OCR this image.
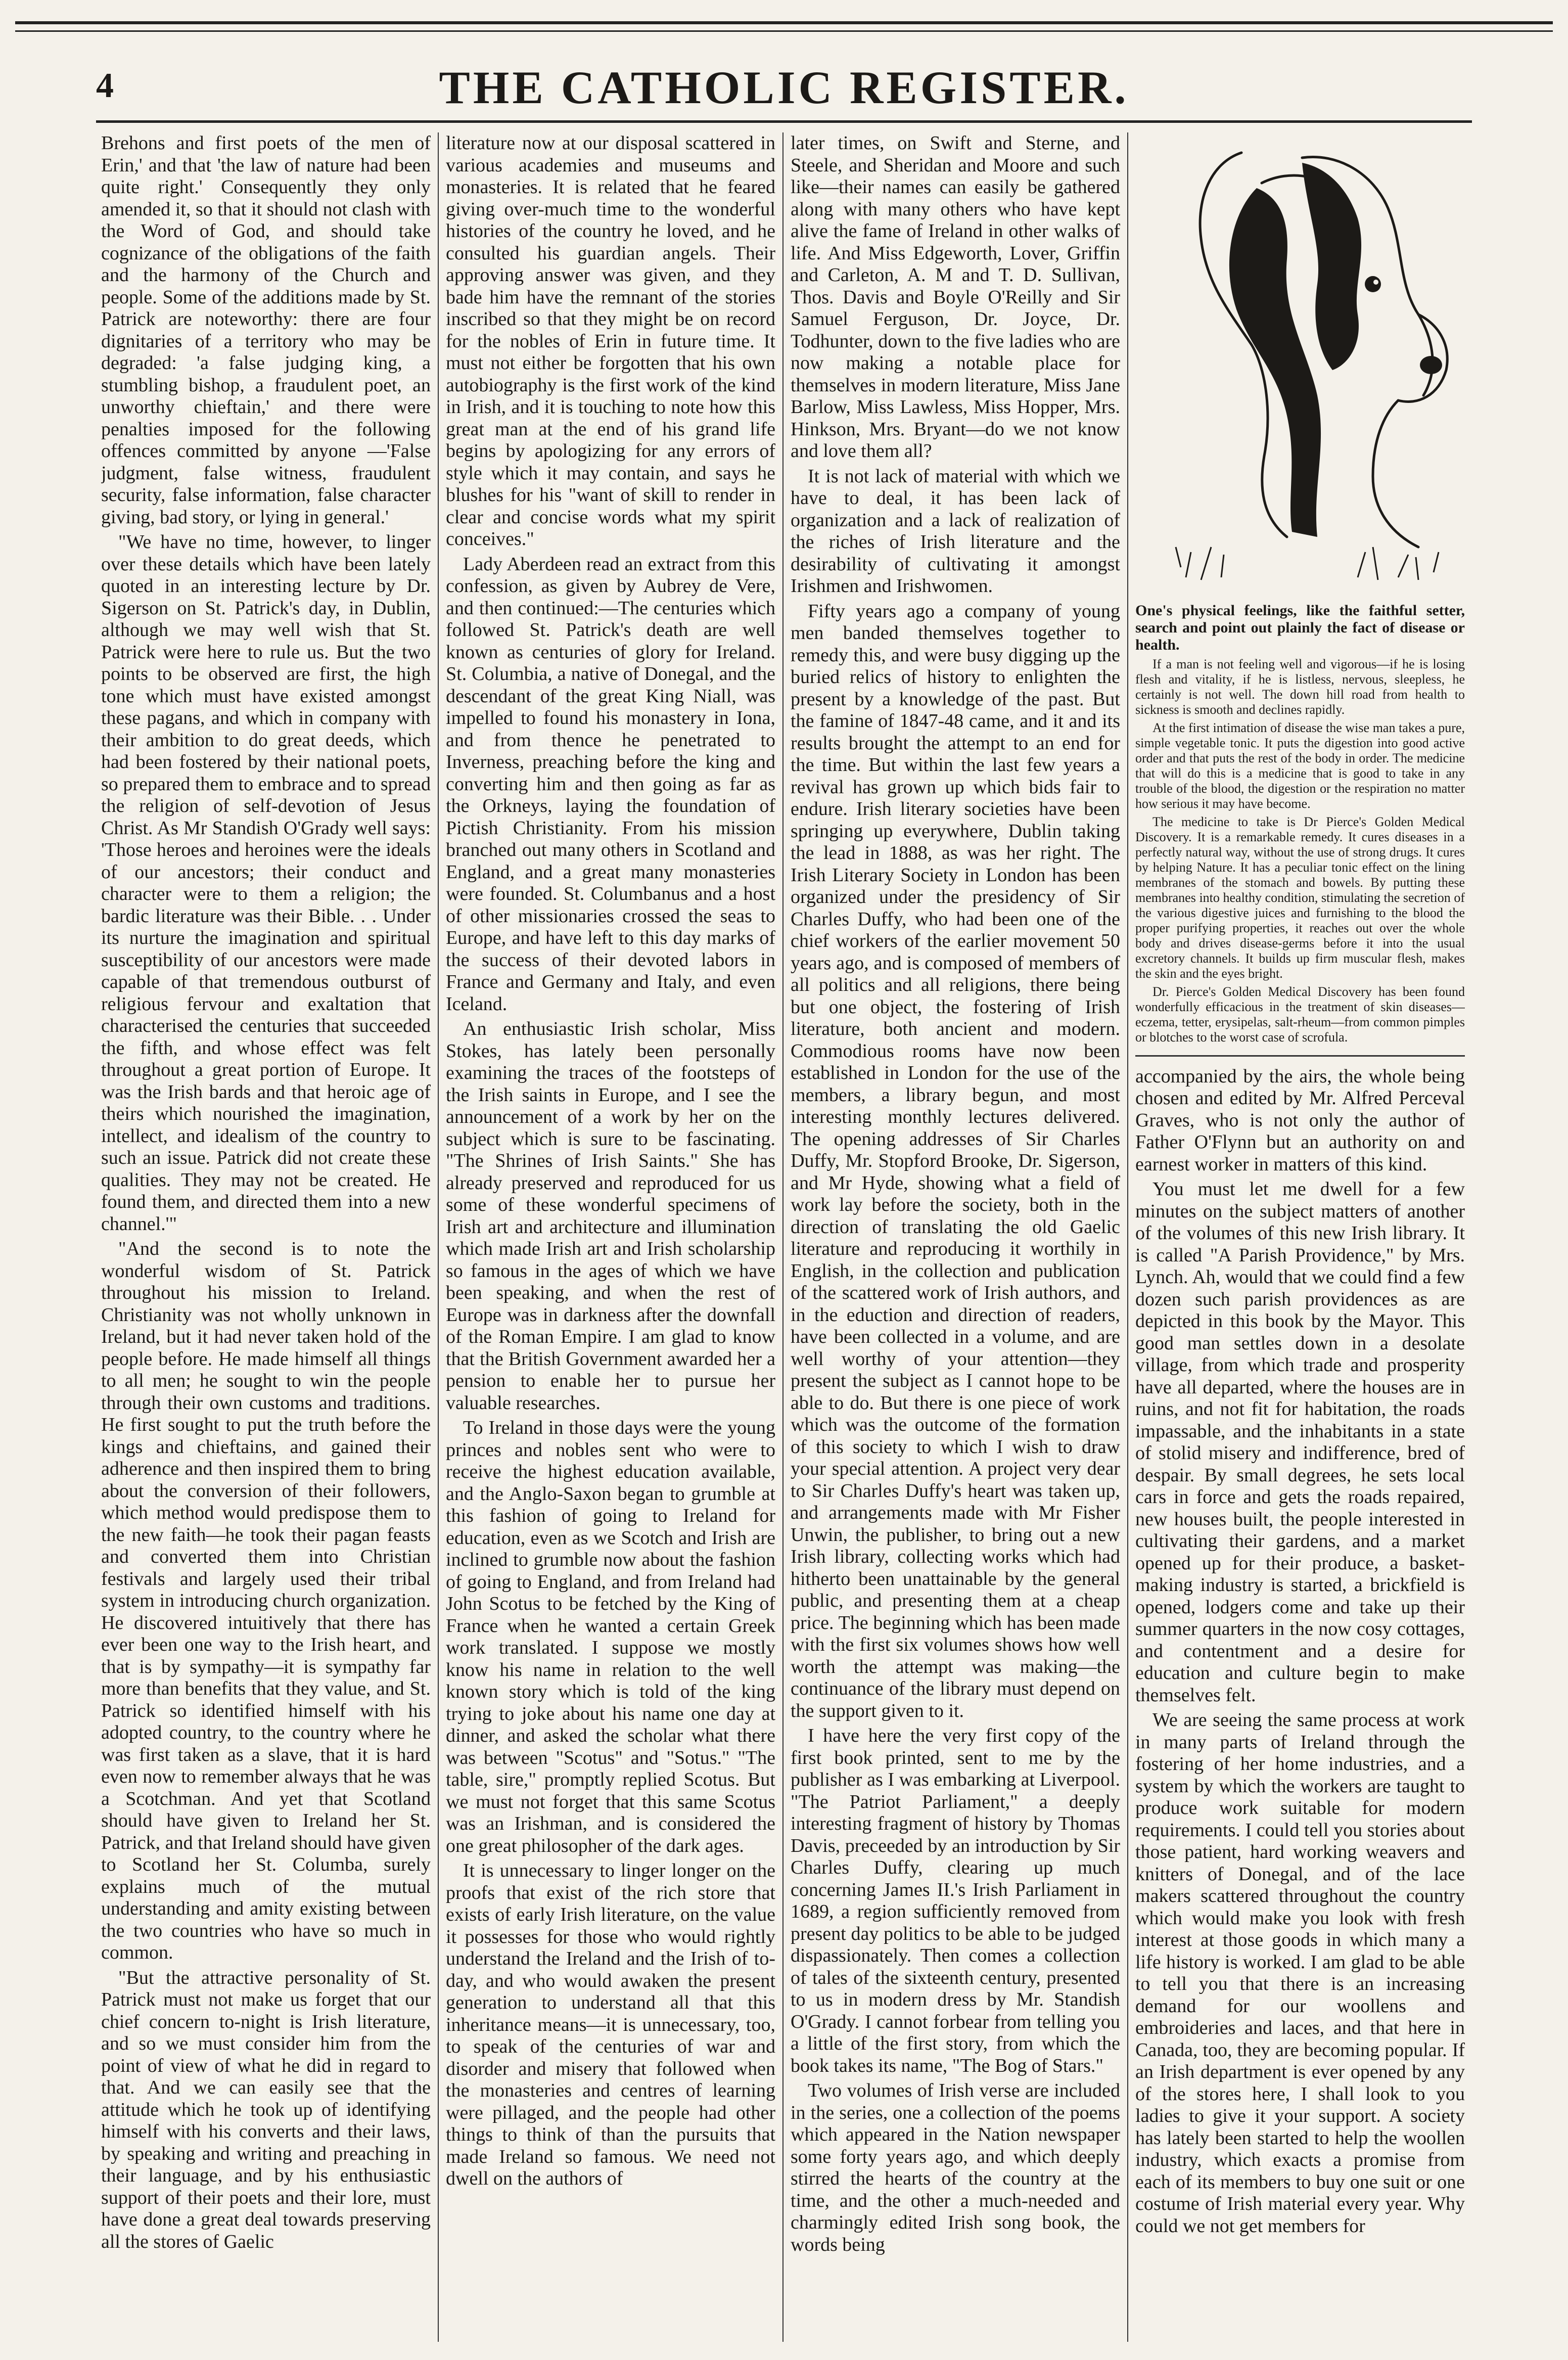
4	THE CATHOLIC REGISTER.

Brehons and first poets of the men of Erin,' and that 'the law of nature had been quite right.' Consequently they only amended it, so that it should not clash with the Word of God, and should take cognizance of the obligations of the faith and the harmony of the Church and people. Some of the additions made by St. Patrick are noteworthy: there are four dignitaries of a territory who may be degraded: 'a false judging king, a stumbling bishop, a fraudulent poet, an unworthy chieftain,' and there were penalties imposed for the following offences committed by anyone —'False judgment, false witness, fraudulent security, false information, false character giving, bad story, or lying in general.'

"We have no time, however, to linger over these details which have been lately quoted in an interesting lecture by Dr. Sigerson on St. Patrick's day, in Dublin, although we may well wish that St. Patrick were here to rule us. But the two points to be observed are first, the high tone which must have existed amongst these pagans, and which in company with their ambition to do great deeds, which had been fostered by their national poets, so prepared them to embrace and to spread the religion of self-devotion of Jesus Christ. As Mr Standish O'Grady well says: 'Those heroes and heroines were the ideals of our ancestors; their conduct and character were to them a religion; the bardic literature was their Bible. . . Under its nurture the imagination and spiritual susceptibility of our ancestors were made capable of that tremendous outburst of religious fervour and exaltation that characterised the centuries that succeeded the fifth, and whose effect was felt throughout a great portion of Europe. It was the Irish bards and that heroic age of theirs which nourished the imagination, intellect, and idealism of the country to such an issue. Patrick did not create these qualities. They may not be created. He found them, and directed them into a new channel.'"

"And the second is to note the wonderful wisdom of St. Patrick throughout his mission to Ireland. Christianity was not wholly unknown in Ireland, but it had never taken hold of the people before. He made himself all things to all men; he sought to win the people through their own customs and traditions. He first sought to put the truth before the kings and chieftains, and gained their adherence and then inspired them to bring about the conversion of their followers, which method would predispose them to the new faith—he took their pagan feasts and converted them into Christian festivals and largely used their tribal system in introducing church organization. He discovered intuitively that there has ever been one way to the Irish heart, and that is by sympathy—it is sympathy far more than benefits that they value, and St. Patrick so identified himself with his adopted country, to the country where he was first taken as a slave, that it is hard even now to remember always that he was a Scotchman. And yet that Scotland should have given to Ireland her St. Patrick, and that Ireland should have given to Scotland her St. Columba, surely explains much of the mutual understanding and amity existing between the two countries who have so much in common.

"But the attractive personality of St. Patrick must not make us forget that our chief concern to-night is Irish literature, and so we must consider him from the point of view of what he did in regard to that. And we can easily see that the attitude which he took up of identifying himself with his converts and their laws, by speaking and writing and preaching in their language, and by his enthusiastic support of their poets and their lore, must have done a great deal towards preserving all the stores of Gaelic

literature now at our disposal scattered in various academies and museums and monasteries. It is related that he feared giving over-much time to the wonderful histories of the country he loved, and he consulted his guardian angels. Their approving answer was given, and they bade him have the remnant of the stories inscribed so that they might be on record for the nobles of Erin in future time. It must not either be forgotten that his own autobiography is the first work of the kind in Irish, and it is touching to note how this great man at the end of his grand life begins by apologizing for any errors of style which it may contain, and says he blushes for his "want of skill to render in clear and concise words what my spirit conceives."

Lady Aberdeen read an extract from this confession, as given by Aubrey de Vere, and then continued:—The centuries which followed St. Patrick's death are well known as centuries of glory for Ireland. St. Columbia, a native of Donegal, and the descendant of the great King Niall, was impelled to found his monastery in Iona, and from thence he penetrated to Inverness, preaching before the king and converting him and then going as far as the Orkneys, laying the foundation of Pictish Christianity. From his mission branched out many others in Scotland and England, and a great many monasteries were founded. St. Columbanus and a host of other missionaries crossed the seas to Europe, and have left to this day marks of the success of their devoted labors in France and Germany and Italy, and even Iceland.

An enthusiastic Irish scholar, Miss Stokes, has lately been personally examining the traces of the footsteps of the Irish saints in Europe, and I see the announcement of a work by her on the subject which is sure to be fascinating. "The Shrines of Irish Saints." She has already preserved and reproduced for us some of these wonderful specimens of Irish art and architecture and illumination which made Irish art and Irish scholarship so famous in the ages of which we have been speaking, and when the rest of Europe was in darkness after the downfall of the Roman Empire. I am glad to know that the British Government awarded her a pension to enable her to pursue her valuable researches.

To Ireland in those days were the young princes and nobles sent who were to receive the highest education available, and the Anglo-Saxon began to grumble at this fashion of going to Ireland for education, even as we Scotch and Irish are inclined to grumble now about the fashion of going to England, and from Ireland had John Scotus to be fetched by the King of France when he wanted a certain Greek work translated. I suppose we mostly know his name in relation to the well known story which is told of the king trying to joke about his name one day at dinner, and asked the scholar what there was between "Scotus" and "Sotus." "The table, sire," promptly replied Scotus. But we must not forget that this same Scotus was an Irishman, and is considered the one great philosopher of the dark ages.

It is unnecessary to linger longer on the proofs that exist of the rich store that exists of early Irish literature, on the value it possesses for those who would rightly understand the Ireland and the Irish of to-day, and who would awaken the present generation to understand all that this inheritance means—it is unnecessary, too, to speak of the centuries of war and disorder and misery that followed when the monasteries and centres of learning were pillaged, and the people had other things to think of than the pursuits that made Ireland so famous. We need not dwell on the authors of

later times, on Swift and Sterne, and Steele, and Sheridan and Moore and such like—their names can easily be gathered along with many others who have kept alive the fame of Ireland in other walks of life. And Miss Edgeworth, Lover, Griffin and Carleton, A. M and T. D. Sullivan, Thos. Davis and Boyle O'Reilly and Sir Samuel Ferguson, Dr. Joyce, Dr. Todhunter, down to the five ladies who are now making a notable place for themselves in modern literature, Miss Jane Barlow, Miss Lawless, Miss Hopper, Mrs. Hinkson, Mrs. Bryant—do we not know and love them all?

It is not lack of material with which we have to deal, it has been lack of organization and a lack of realization of the riches of Irish literature and the desirability of cultivating it amongst Irishmen and Irishwomen.

Fifty years ago a company of young men banded themselves together to remedy this, and were busy digging up the buried relics of history to enlighten the present by a knowledge of the past. But the famine of 1847-48 came, and it and its results brought the attempt to an end for the time. But within the last few years a revival has grown up which bids fair to endure. Irish literary societies have been springing up everywhere, Dublin taking the lead in 1888, as was her right. The Irish Literary Society in London has been organized under the presidency of Sir Charles Duffy, who had been one of the chief workers of the earlier movement 50 years ago, and is composed of members of all politics and all religions, there being but one object, the fostering of Irish literature, both ancient and modern. Commodious rooms have now been established in London for the use of the members, a library begun, and most interesting monthly lectures delivered. The opening addresses of Sir Charles Duffy, Mr. Stopford Brooke, Dr. Sigerson, and Mr Hyde, showing what a field of work lay before the society, both in the direction of translating the old Gaelic literature and reproducing it worthily in English, in the collection and publication of the scattered work of Irish authors, and in the eduction and direction of readers, have been collected in a volume, and are well worthy of your attention—they present the subject as I cannot hope to be able to do. But there is one piece of work which was the outcome of the formation of this society to which I wish to draw your special attention. A project very dear to Sir Charles Duffy's heart was taken up, and arrangements made with Mr Fisher Unwin, the publisher, to bring out a new Irish library, collecting works which had hitherto been unattainable by the general public, and presenting them at a cheap price. The beginning which has been made with the first six volumes shows how well worth the attempt was making—the continuance of the library must depend on the support given to it.

I have here the very first copy of the first book printed, sent to me by the publisher as I was embarking at Liverpool. "The Patriot Parliament," a deeply interesting fragment of history by Thomas Davis, preceeded by an introduction by Sir Charles Duffy, clearing up much concerning James II.'s Irish Parliament in 1689, a region sufficiently removed from present day politics to be able to be judged dispassionately. Then comes a collection of tales of the sixteenth century, presented to us in modern dress by Mr. Standish O'Grady. I cannot forbear from telling you a little of the first story, from which the book takes its name, "The Bog of Stars."

Two volumes of Irish verse are included in the series, one a collection of the poems which appeared in the Nation newspaper some forty years ago, and which deeply stirred the hearts of the country at the time, and the other a much-needed and charmingly edited Irish song book, the words being

One's physical feelings, like the faithful setter, search and point out plainly the fact of disease or health.

If a man is not feeling well and vigorous—if he is losing flesh and vitality, if he is listless, nervous, sleepless, he certainly is not well. The down hill road from health to sickness is smooth and declines rapidly.

At the first intimation of disease the wise man takes a pure, simple vegetable tonic. It puts the digestion into good active order and that puts the rest of the body in order. The medicine that will do this is a medicine that is good to take in any trouble of the blood, the digestion or the respiration no matter how serious it may have become.

The medicine to take is Dr Pierce's Golden Medical Discovery. It is a remarkable remedy. It cures diseases in a perfectly natural way, without the use of strong drugs. It cures by helping Nature. It has a peculiar tonic effect on the lining membranes of the stomach and bowels. By putting these membranes into healthy condition, stimulating the secretion of the various digestive juices and furnishing to the blood the proper purifying properties, it reaches out over the whole body and drives disease-germs before it into the usual excretory channels. It builds up firm muscular flesh, makes the skin and the eyes bright.

Dr. Pierce's Golden Medical Discovery has been found wonderfully efficacious in the treatment of skin diseases—eczema, tetter, erysipelas, salt-rheum—from common pimples or blotches to the worst case of scrofula.

accompanied by the airs, the whole being chosen and edited by Mr. Alfred Perceval Graves, who is not only the author of Father O'Flynn but an authority on and earnest worker in matters of this kind.

You must let me dwell for a few minutes on the subject matters of another of the volumes of this new Irish library. It is called "A Parish Providence," by Mrs. Lynch. Ah, would that we could find a few dozen such parish providences as are depicted in this book by the Mayor. This good man settles down in a desolate village, from which trade and prosperity have all departed, where the houses are in ruins, and not fit for habitation, the roads impassable, and the inhabitants in a state of stolid misery and indifference, bred of despair. By small degrees, he sets local cars in force and gets the roads repaired, new houses built, the people interested in cultivating their gardens, and a market opened up for their produce, a basket-making industry is started, a brickfield is opened, lodgers come and take up their summer quarters in the now cosy cottages, and contentment and a desire for education and culture begin to make themselves felt.

We are seeing the same process at work in many parts of Ireland through the fostering of her home industries, and a system by which the workers are taught to produce work suitable for modern requirements. I could tell you stories about those patient, hard working weavers and knitters of Donegal, and of the lace makers scattered throughout the country which would make you look with fresh interest at those goods in which many a life history is worked. I am glad to be able to tell you that there is an increasing demand for our woollens and embroideries and laces, and that here in Canada, too, they are becoming popular. If an Irish department is ever opened by any of the stores here, I shall look to you ladies to give it your support. A society has lately been started to help the woollen industry, which exacts a promise from each of its members to buy one suit or one costume of Irish material every year. Why could we not get members for
